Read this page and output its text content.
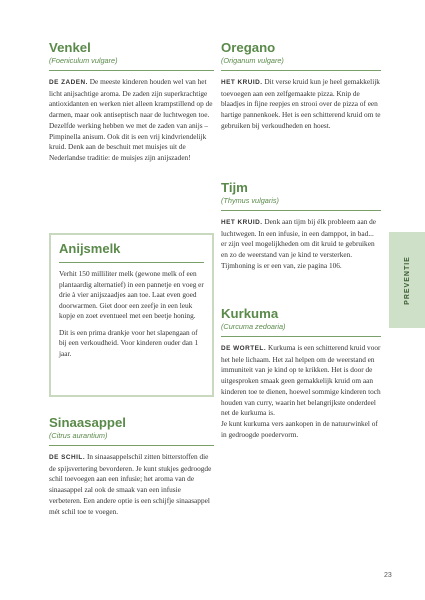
Venkel
(Foeniculum vulgare)

DE ZADEN. De meeste kinderen houden wel van het licht anijsachtige aroma. De zaden zijn superkrachtige antioxidanten en werken niet alleen krampstillend op de darmen, maar ook antiseptisch naar de luchtwegen toe.

Dezelfde werking hebben we met de zaden van anijs – Pimpinella anisum. Ook dit is een vrij kindvriendelijk kruid. Denk aan de beschuit met muisjes uit de Nederlandse traditie: de muisjes zijn anijszaden!

Anijsmelk

Verhit 150 milliliter melk (gewone melk of een plantaardig alternatief) in een pannetje en voeg er drie à vier anijszaadjes aan toe. Laat even goed doorwarmen. Giet door een zeefje in een leuk kopje en zoet eventueel met een beetje honing.

Dit is een prima drankje voor het slapengaan of bij een verkoudheid. Voor kinderen ouder dan 1 jaar.

Sinaasappel
(Citrus aurantium)

DE SCHIL. In sinaasappelschil zitten bitterstoffen die de spijsvertering bevorderen. Je kunt stukjes gedroogde schil toevoegen aan een infusie; het aroma van de sinaasappel zal ook de smaak van een infusie verbeteren. Een andere optie is een schijfje sinaasappel mét schil toe te voegen.

Oregano
(Origanum vulgare)

HET KRUID. Dit verse kruid kun je heel gemakkelijk toevoegen aan een zelfgemaakte pizza. Knip de blaadjes in fijne reepjes en strooi over de pizza of een hartige pannenkoek. Het is een schitterend kruid om te gebruiken bij verkoudheden en hoest.

Tijm
(Thymus vulgaris)

HET KRUID. Denk aan tijm bij élk probleem aan de luchtwegen. In een infusie, in een damppot, in bad... er zijn veel mogelijkheden om dit kruid te gebruiken en zo de weerstand van je kind te versterken. Tijmhoning is er een van, zie pagina 106.

Kurkuma
(Curcuma zedoaria)

DE WORTEL. Kurkuma is een schitterend kruid voor het hele lichaam. Het zal helpen om de weerstand en immuniteit van je kind op te krikken. Het is door de uitgesproken smaak geen gemakkelijk kruid om aan kinderen toe te dienen, hoewel sommige kinderen toch houden van curry, waarin het belangrijkste onderdeel net de kurkuma is.

Je kunt kurkuma vers aankopen in de natuurwinkel of in gedroogde poedervorm.

PREVENTIE
23
